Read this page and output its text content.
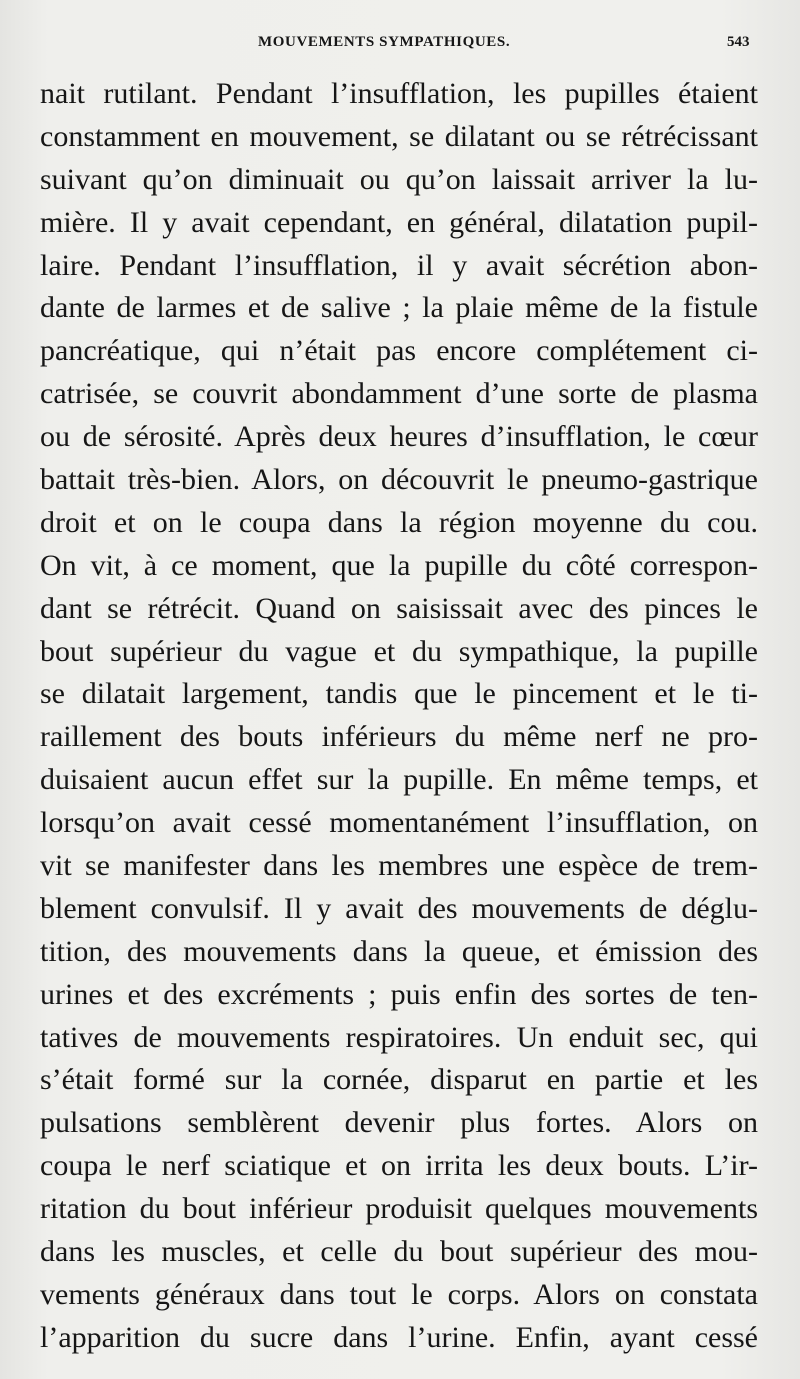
MOUVEMENTS SYMPATHIQUES.	543
nait rutilant. Pendant l’insufflation, les pupilles étaient
constamment en mouvement, se dilatant ou se rétrécissant
suivant qu’on diminuait ou qu’on laissait arriver la lu-
mière. Il y avait cependant, en général, dilatation pupil-
laire. Pendant l’insufflation, il y avait sécrétion abon-
dante de larmes et de salive ; la plaie même de la fistule
pancréatique, qui n’était pas encore complétement ci-
catrisée, se couvrit abondamment d’une sorte de plasma
ou de sérosité. Après deux heures d’insufflation, le cœur
battait très-bien. Alors, on découvrit le pneumo-gastrique
droit et on le coupa dans la région moyenne du cou.
On vit, à ce moment, que la pupille du côté correspon-
dant se rétrécit. Quand on saisissait avec des pinces le
bout supérieur du vague et du sympathique, la pupille
se dilatait largement, tandis que le pincement et le ti-
raillement des bouts inférieurs du même nerf ne pro-
duisaient aucun effet sur la pupille. En même temps, et
lorsqu’on avait cessé momentanément l’insufflation, on
vit se manifester dans les membres une espèce de trem-
blement convulsif. Il y avait des mouvements de déglu-
tition, des mouvements dans la queue, et émission des
urines et des excréments ; puis enfin des sortes de ten-
tatives de mouvements respiratoires. Un enduit sec, qui
s’était formé sur la cornée, disparut en partie et les
pulsations semblèrent devenir plus fortes. Alors on
coupa le nerf sciatique et on irrita les deux bouts. L’ir-
ritation du bout inférieur produisit quelques mouvements
dans les muscles, et celle du bout supérieur des mou-
vements généraux dans tout le corps. Alors on constata
l’apparition du sucre dans l’urine. Enfin, ayant cessé
